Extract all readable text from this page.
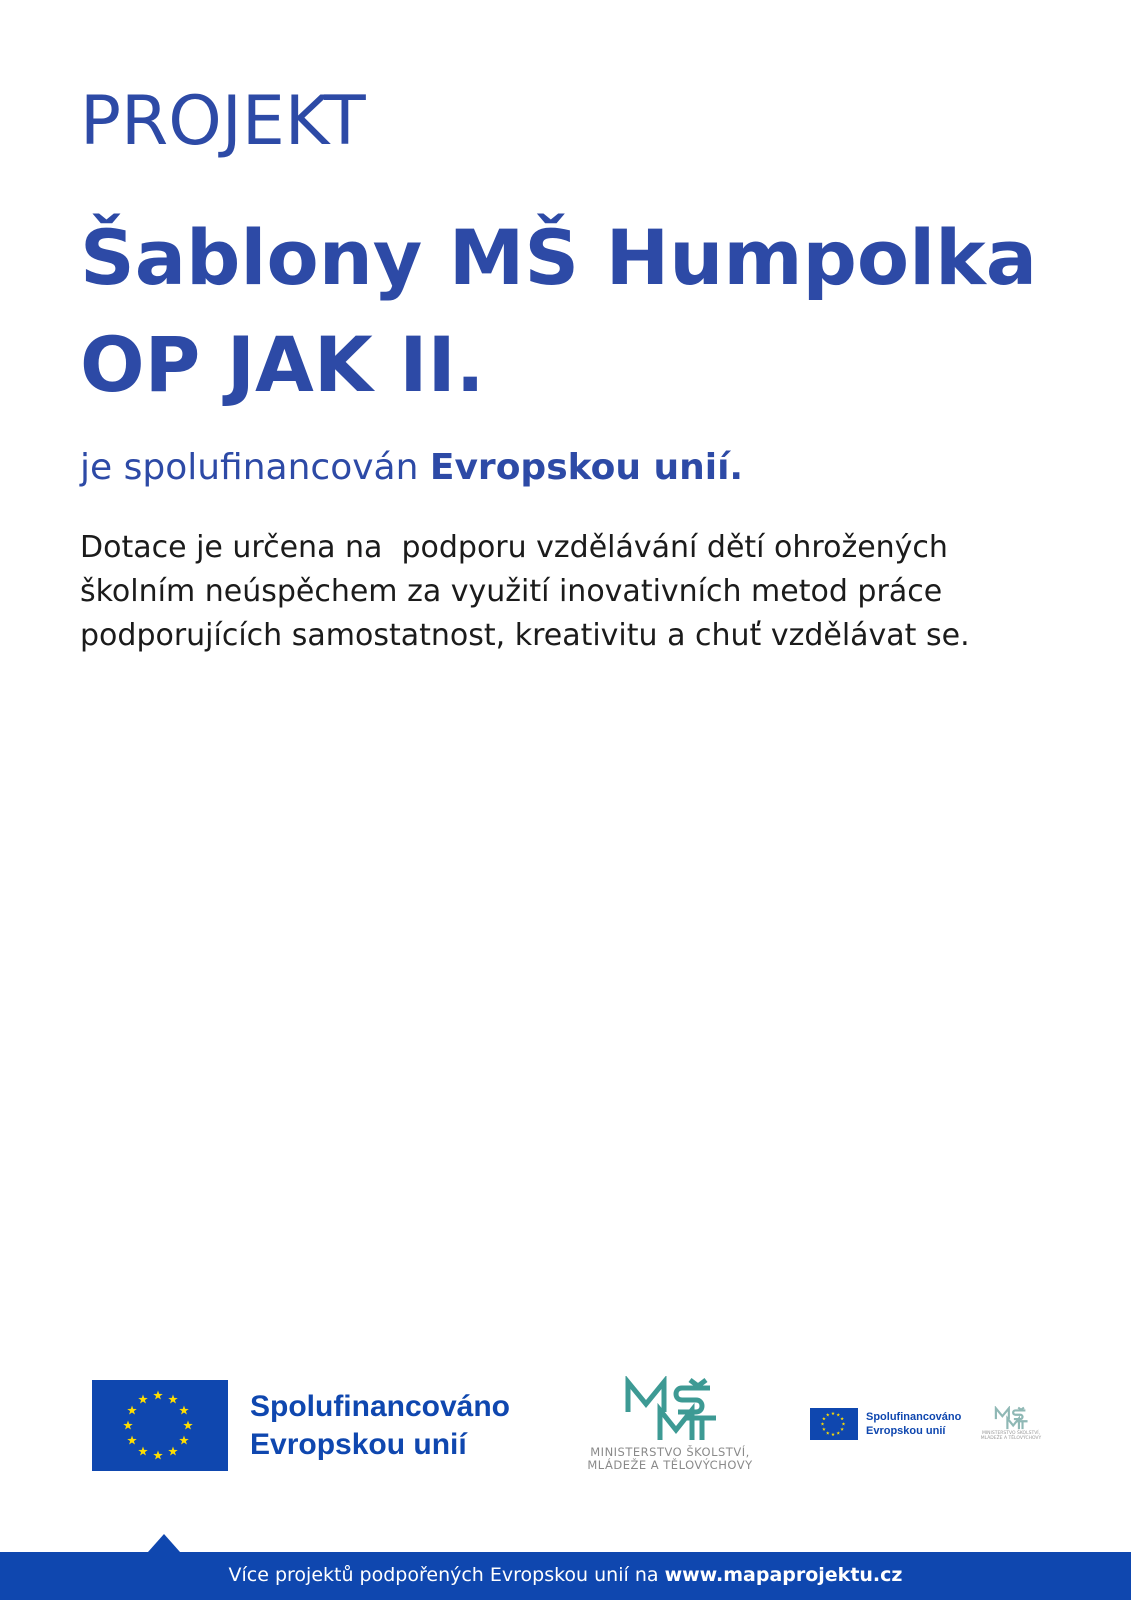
PROJEKT
Šablony MŠ Humpolka
OP JAK II.
je spolufinancován Evropskou unií.
Dotace je určena na  podporu vzdělávání dětí ohrožených
školním neúspěchem za využití inovativních metod práce
podporujících samostatnost, kreativitu a chuť vzdělávat se.
Spolufinancováno
Evropskou unií	MINISTERSTVO ŠKOLSTVÍ,
MLÁDEŽE A TĚLOVÝCHOVY
Spolufinancováno
Evropskou unií	MINISTERSTVO ŠKOLSTVÍ,
MLÁDEŽE A TĚLOVÝCHOVY
Více projektů podpořených Evropskou unií na www.mapaprojektu.cz
